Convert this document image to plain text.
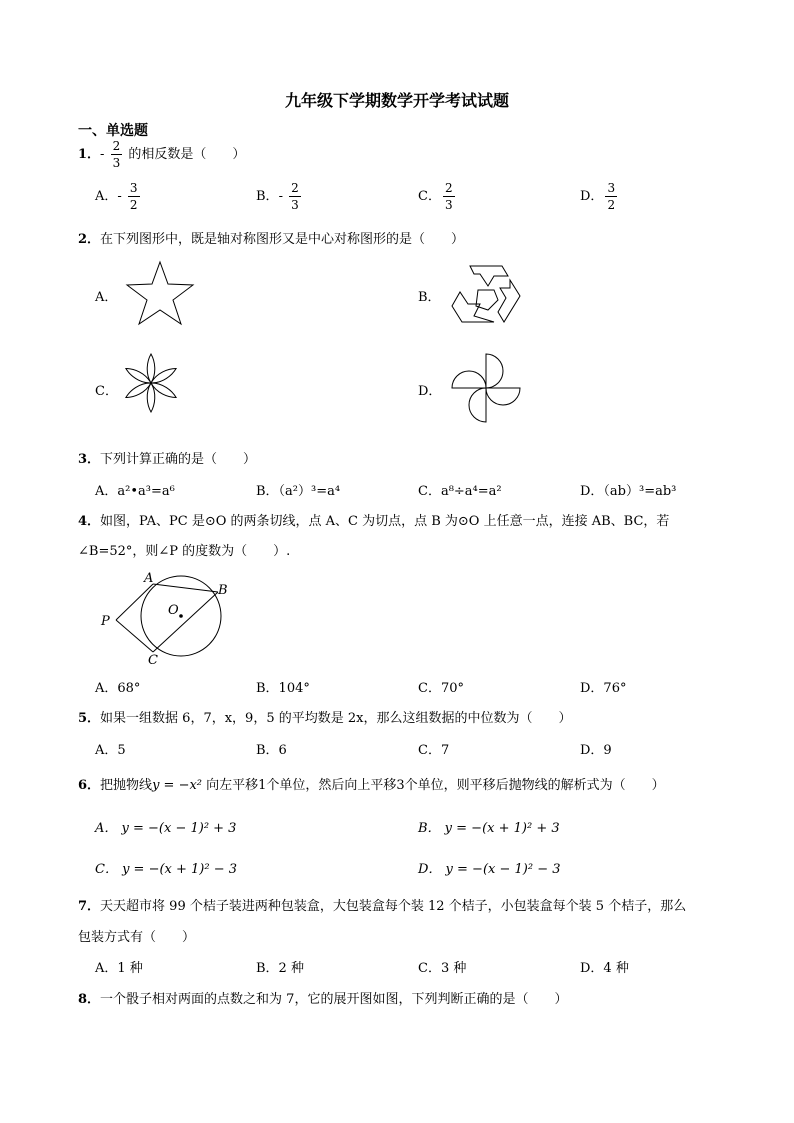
九年级下学期数学开学考试试题
一、单选题
1．- $\frac{2}{3}$ 的相反数是（　　）
A．- $\frac{3}{2}$	B．- $\frac{2}{3}$	C． $\frac{2}{3}$	D． $\frac{3}{2}$
2．在下列图形中，既是轴对称图形又是中心对称图形的是（　　）
A．	B．
C．	D．
3．下列计算正确的是（　　）
A．a²•a³=a⁶	B．（a²）³=a⁴	C．a⁸÷a⁴=a²	D．（ab）³=ab³
4．如图，PA、PC 是⊙O 的两条切线，点 A、C 为切点，点 B 为⊙O 上任意一点，连接 AB、BC，若
∠B=52°，则∠P 的度数为（　　）.
A
B
P
O
C
A．68°	B．104°	C．70°	D．76°
5．如果一组数据 6，7，x，9，5 的平均数是 2x，那么这组数据的中位数为（　　）
A．5	B．6	C．7	D．9
6．把抛物线y = −x² 向左平移1个单位，然后向上平移3个单位，则平移后抛物线的解析式为（　　）
A． y = −(x − 1)² + 3	B． y = −(x + 1)² + 3
C． y = −(x + 1)² − 3	D． y = −(x − 1)² − 3
7．天天超市将 99 个桔子装进两种包装盒，大包装盒每个装 12 个桔子，小包装盒每个装 5 个桔子，那么
包装方式有（　　）
A．1 种	B．2 种	C．3 种	D．4 种
8．一个骰子相对两面的点数之和为 7，它的展开图如图，下列判断正确的是（　　）
